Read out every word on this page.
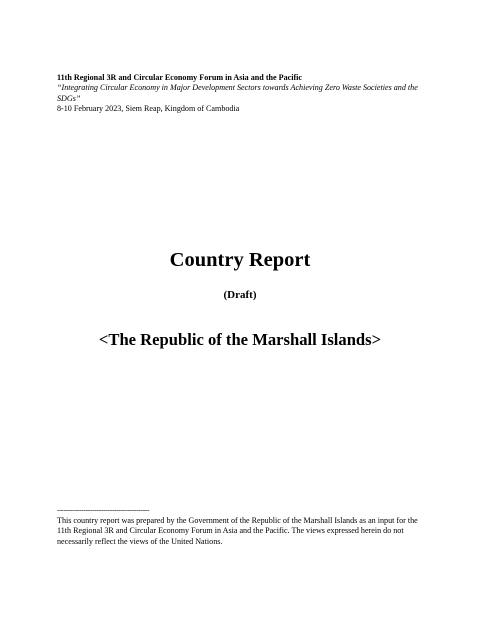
11th Regional 3R and Circular Economy Forum in Asia and the Pacific
“Integrating Circular Economy in Major Development Sectors towards Achieving Zero Waste Societies and the SDGs”
8-10 February 2023, Siem Reap, Kingdom of Cambodia
Country Report
(Draft)
<The Republic of the Marshall Islands>
------------------------------------------
This country report was prepared by the Government of the Republic of the Marshall Islands as an input for the 11th Regional 3R and Circular Economy Forum in Asia and the Pacific. The views expressed herein do not necessarily reflect the views of the United Nations.
